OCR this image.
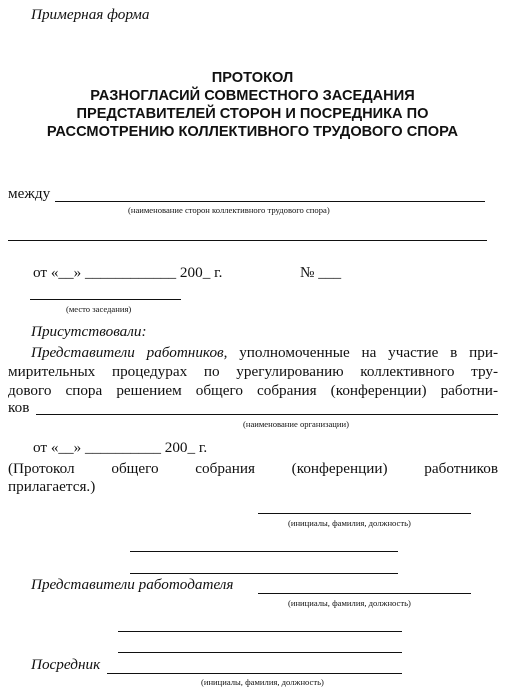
Примерная форма
ПРОТОКОЛ
РАЗНОГЛАСИЙ СОВМЕСТНОГО ЗАСЕДАНИЯ
ПРЕДСТАВИТЕЛЕЙ СТОРОН И ПОСРЕДНИКА ПО
РАССМОТРЕНИЮ КОЛЛЕКТИВНОГО ТРУДОВОГО СПОРА
между
(наименование сторон коллективного трудового спора)
от «__» ____________ 200_ г.	№ ___
(место заседания)
Присутствовали:
Представители работников, уполномоченные на участие в при-
мирительных процедурах по урегулированию коллективного тру-
дового спора решением общего собрания (конференции) работни-
ков
(наименование организации)
от «__» __________ 200_ г.
(Протокол общего собрания (конференции) работников
прилагается.)
(инициалы, фамилия, должность)
Представители работодателя
(инициалы, фамилия, должность)
Посредник
(инициалы, фамилия, должность)
